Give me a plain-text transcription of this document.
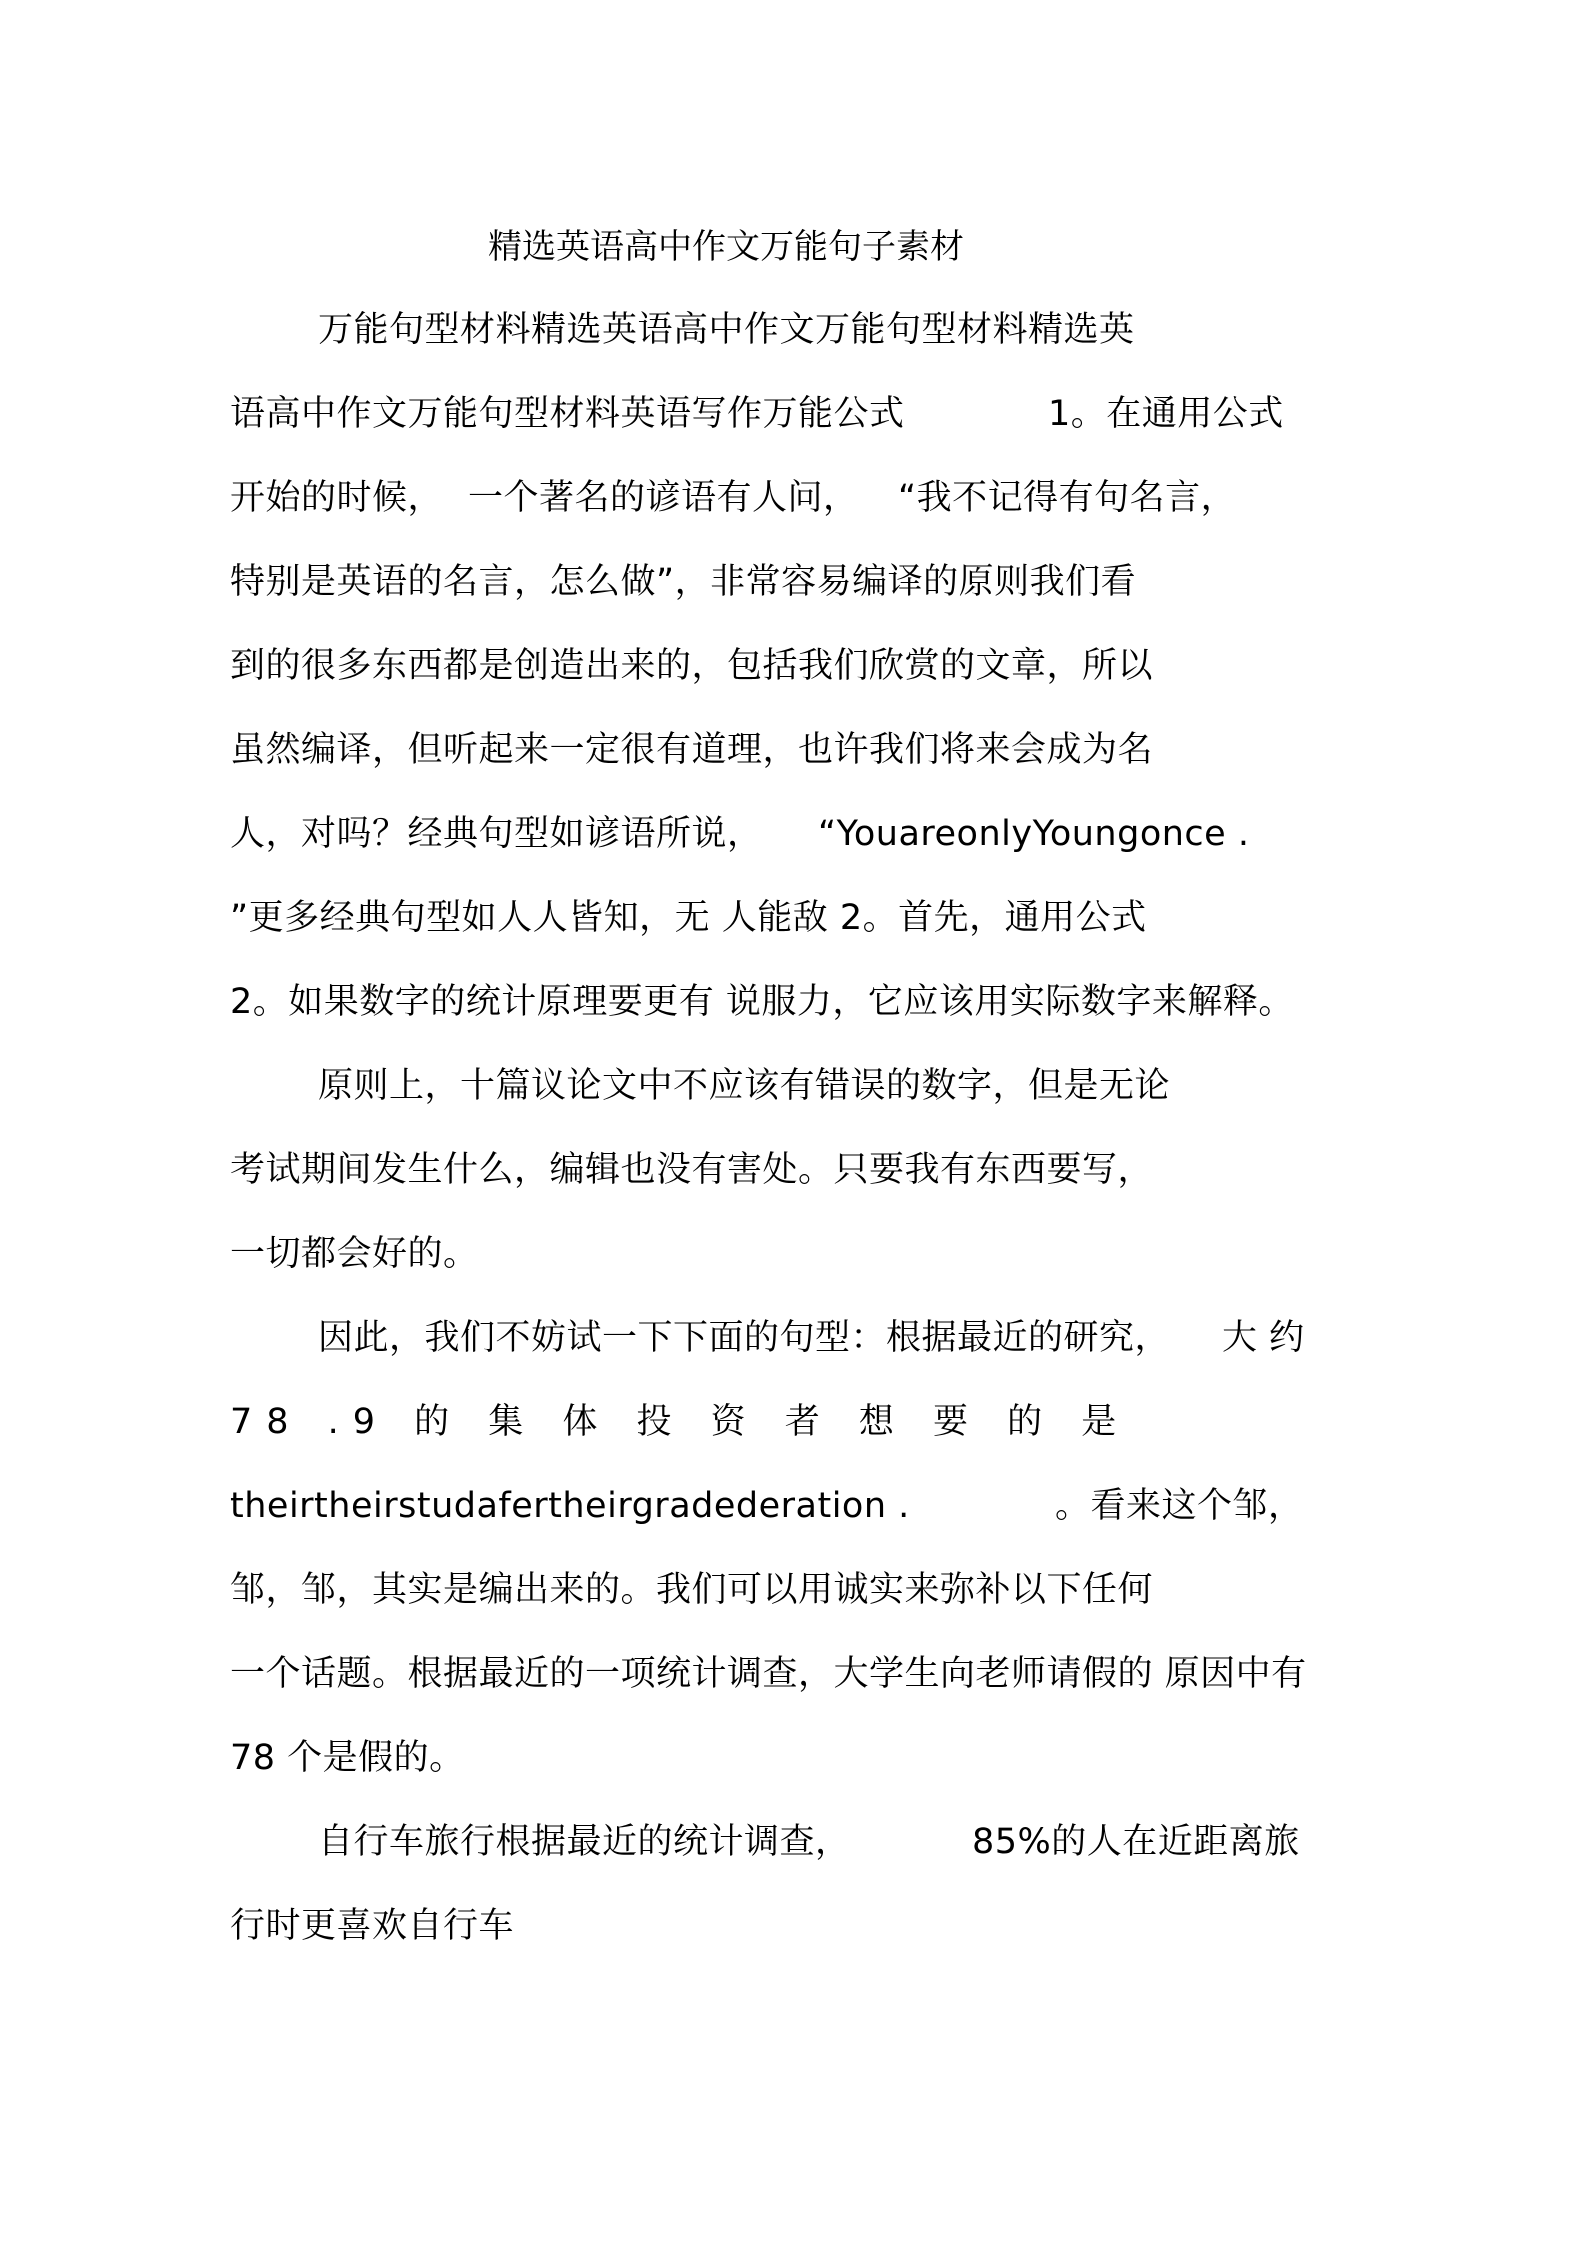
精选英语高中作文万能句子素材
万能句型材料精选英语高中作文万能句型材料精选英
语高中作文万能句型材料英语写作万能公式	1。在通用公式
开始的时候， 一个著名的谚语有人问， “我不记得有句名言，
特别是英语的名言，怎么做”，非常容易编译的原则我们看
到的很多东西都是创造出来的，包括我们欣赏的文章，所以
虽然编译，但听起来一定很有道理，也许我们将来会成为名
人，对吗？经典句型如谚语所说， “YouareonlyYoungonce .
”更多经典句型如人人皆知，无 人能敌 2。首先，通用公式
2。如果数字的统计原理要更有 说服力，它应该用实际数字来解释。
原则上，十篇议论文中不应该有错误的数字，但是无论
考试期间发生什么，编辑也没有害处。只要我有东西要写，
一切都会好的。
因此，我们不妨试一下下面的句型：根据最近的研究， 大 约
78 .9 的 集 体 投 资 者 想 要 的 是
theirtheirstudafertheirgradederation .	。看来这个邹，
邹，邹，其实是编出来的。我们可以用诚实来弥补以下任何
一个话题。根据最近的一项统计调查，大学生向老师请假的 原因中有
78 个是假的。
自行车旅行根据最近的统计调查，	85%的人在近距离旅
行时更喜欢自行车
